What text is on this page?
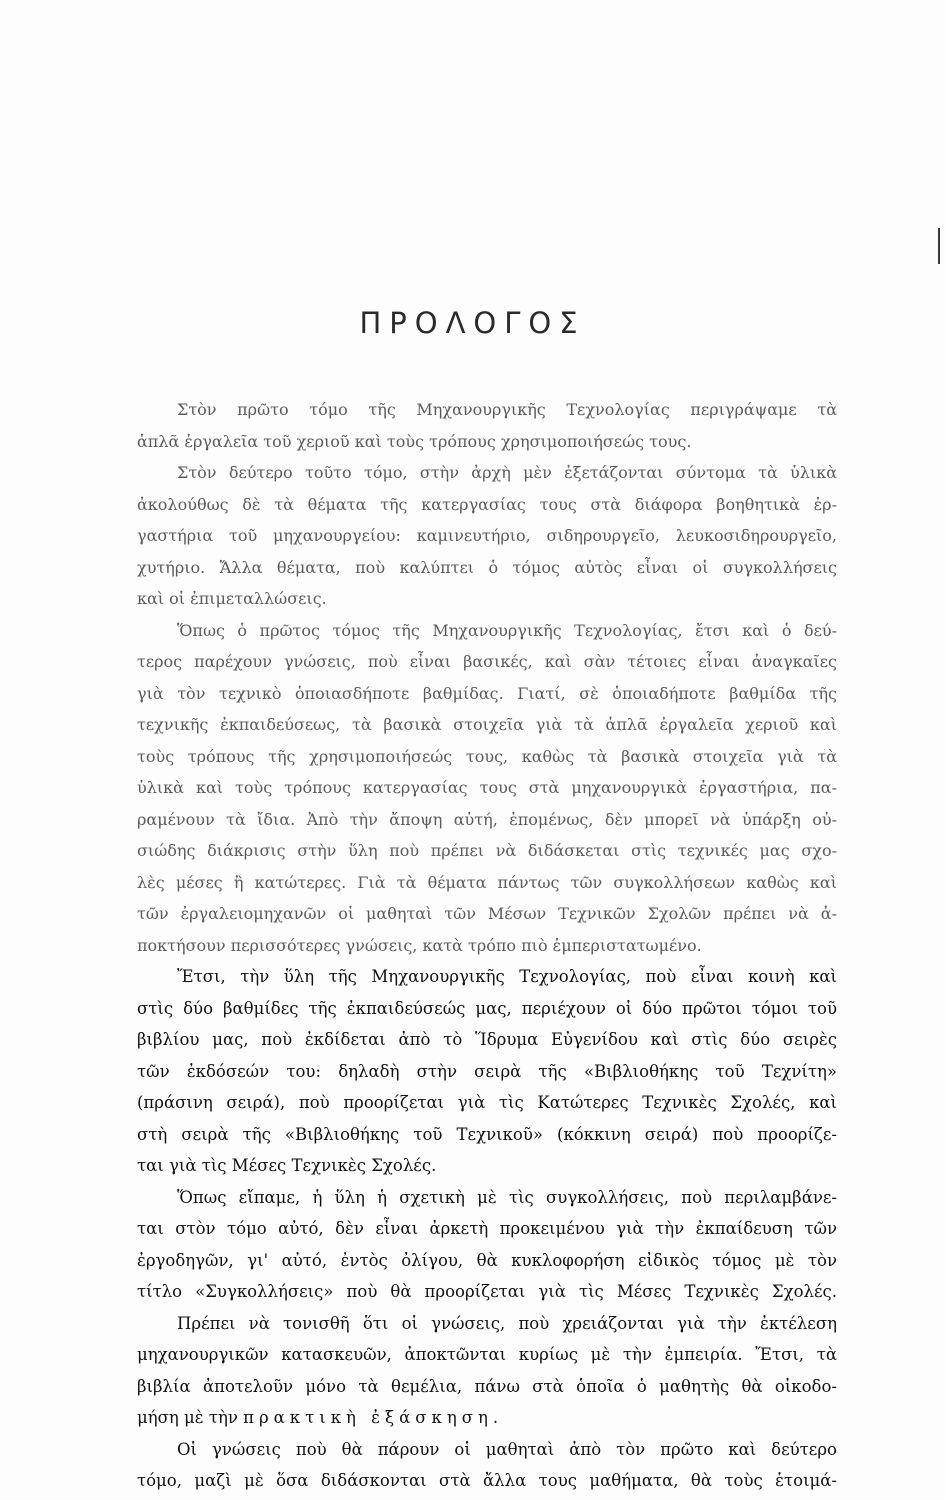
ΠΡΟΛΟΓΟΣ
Στὸν πρῶτο τόμο τῆς Μηχανουργικῆς Τεχνολογίας περιγράψαμε τὰ
ἁπλᾶ ἐργαλεῖα τοῦ χεριοῦ καὶ τοὺς τρόπους χρησιμοποιήσεώς τους.
Στὸν δεύτερο τοῦτο τόμο, στὴν ἀρχὴ μὲν ἐξετάζονται σύντομα τὰ ὑλικὰ
ἀκολούθως δὲ τὰ θέματα τῆς κατεργασίας τους στὰ διάφορα βοηθητικὰ ἐρ-
γαστήρια τοῦ μηχανουργείου: καμινευτήριο, σιδηρουργεῖο, λευκοσιδηρουργεῖο,
χυτήριο. Ἄλλα θέματα, ποὺ καλύπτει ὁ τόμος αὐτὸς εἶναι οἱ συγκολλήσεις
καὶ οἱ ἐπιμεταλλώσεις.
Ὅπως ὁ πρῶτος τόμος τῆς Μηχανουργικῆς Τεχνολογίας, ἔτσι καὶ ὁ δεύ-
τερος παρέχουν γνώσεις, ποὺ εἶναι βασικές, καὶ σὰν τέτοιες εἶναι ἀναγκαῖες
γιὰ τὸν τεχνικὸ ὁποιασδήποτε βαθμίδας. Γιατί, σὲ ὁποιαδήποτε βαθμίδα τῆς
τεχνικῆς ἐκπαιδεύσεως, τὰ βασικὰ στοιχεῖα γιὰ τὰ ἁπλᾶ ἐργαλεῖα χεριοῦ καὶ
τοὺς τρόπους τῆς χρησιμοποιήσεώς τους, καθὼς τὰ βασικὰ στοιχεῖα γιὰ τὰ
ὑλικὰ καὶ τοὺς τρόπους κατεργασίας τους στὰ μηχανουργικὰ ἐργαστήρια, πα-
ραμένουν τὰ ἴδια. Ἀπὸ τὴν ἄποψη αὐτή, ἑπομένως, δὲν μπορεῖ νὰ ὑπάρξη οὐ-
σιώδης διάκρισις στὴν ὕλη ποὺ πρέπει νὰ διδάσκεται στὶς τεχνικές μας σχο-
λὲς μέσες ἢ κατώτερες. Γιὰ τὰ θέματα πάντως τῶν συγκολλήσεων καθὼς καὶ
τῶν ἐργαλειομηχανῶν οἱ μαθηταὶ τῶν Μέσων Τεχνικῶν Σχολῶν πρέπει νὰ ἀ-
ποκτήσουν περισσότερες γνώσεις, κατὰ τρόπο πιὸ ἐμπεριστατωμένο.
Ἔτσι, τὴν ὕλη τῆς Μηχανουργικῆς Τεχνολογίας, ποὺ εἶναι κοινὴ καὶ
στὶς δύο βαθμίδες τῆς ἐκπαιδεύσεώς μας, περιέχουν οἱ δύο πρῶτοι τόμοι τοῦ
βιβλίου μας, ποὺ ἐκδίδεται ἀπὸ τὸ Ἵδρυμα Εὐγενίδου καὶ στὶς δύο σειρὲς
τῶν ἐκδόσεών του: δηλαδὴ στὴν σειρὰ τῆς «Βιβλιοθήκης τοῦ Τεχνίτη»
(πράσινη σειρά), ποὺ προορίζεται γιὰ τὶς Κατώτερες Τεχνικὲς Σχολές, καὶ
στὴ σειρὰ τῆς «Βιβλιοθήκης τοῦ Τεχνικοῦ» (κόκκινη σειρά) ποὺ προορίζε-
ται γιὰ τὶς Μέσες Τεχνικὲς Σχολές.
Ὅπως εἴπαμε, ἡ ὕλη ἡ σχετικὴ μὲ τὶς συγκολλήσεις, ποὺ περιλαμβάνε-
ται στὸν τόμο αὐτό, δὲν εἶναι ἀρκετὴ προκειμένου γιὰ τὴν ἐκπαίδευση τῶν
ἐργοδηγῶν, γι' αὐτό, ἐντὸς ὀλίγου, θὰ κυκλοφορήση εἰδικὸς τόμος μὲ τὸν
τίτλο «Συγκολλήσεις» ποὺ θὰ προορίζεται γιὰ τὶς Μέσες Τεχνικὲς Σχολές.
Πρέπει νὰ τονισθῆ ὅτι οἱ γνώσεις, ποὺ χρειάζονται γιὰ τὴν ἐκτέλεση
μηχανουργικῶν κατασκευῶν, ἀποκτῶνται κυρίως μὲ τὴν ἐμπειρία. Ἔτσι, τὰ
βιβλία ἀποτελοῦν μόνο τὰ θεμέλια, πάνω στὰ ὁποῖα ὁ μαθητὴς θὰ οἰκοδο-
μήση μὲ τὴν πρακτικὴ ἐξάσκηση.
Οἱ γνώσεις ποὺ θὰ πάρουν οἱ μαθηταὶ ἀπὸ τὸν πρῶτο καὶ δεύτερο
τόμο, μαζὶ μὲ ὅσα διδάσκονται στὰ ἄλλα τους μαθήματα, θὰ τοὺς ἑτοιμά-
